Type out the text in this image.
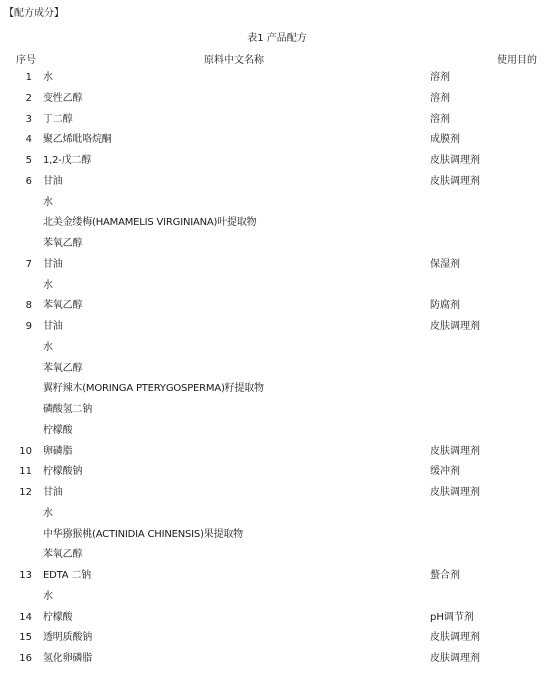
【配方成分】
表1 产品配方
序号	原料中文名称	使用目的
1 水	溶剂
2 变性乙醇	溶剂
3 丁二醇	溶剂
4 聚乙烯吡咯烷酮	成膜剂
5 1,2-戊二醇	皮肤调理剂
6 甘油	皮肤调理剂
水
北美金缕梅(HAMAMELIS VIRGINIANA)叶提取物
苯氧乙醇
7 甘油	保湿剂
水
8 苯氧乙醇	防腐剂
9 甘油	皮肤调理剂
水
苯氧乙醇
翼籽辣木(MORINGA PTERYGOSPERMA)籽提取物
磷酸氢二钠
柠檬酸
10 卵磷脂	皮肤调理剂
11 柠檬酸钠	缓冲剂
12 甘油	皮肤调理剂
水
中华猕猴桃(ACTINIDIA CHINENSIS)果提取物
苯氧乙醇
13 EDTA 二钠	螯合剂
水
14 柠檬酸	pH调节剂
15 透明质酸钠	皮肤调理剂
16 氢化卵磷脂	皮肤调理剂
